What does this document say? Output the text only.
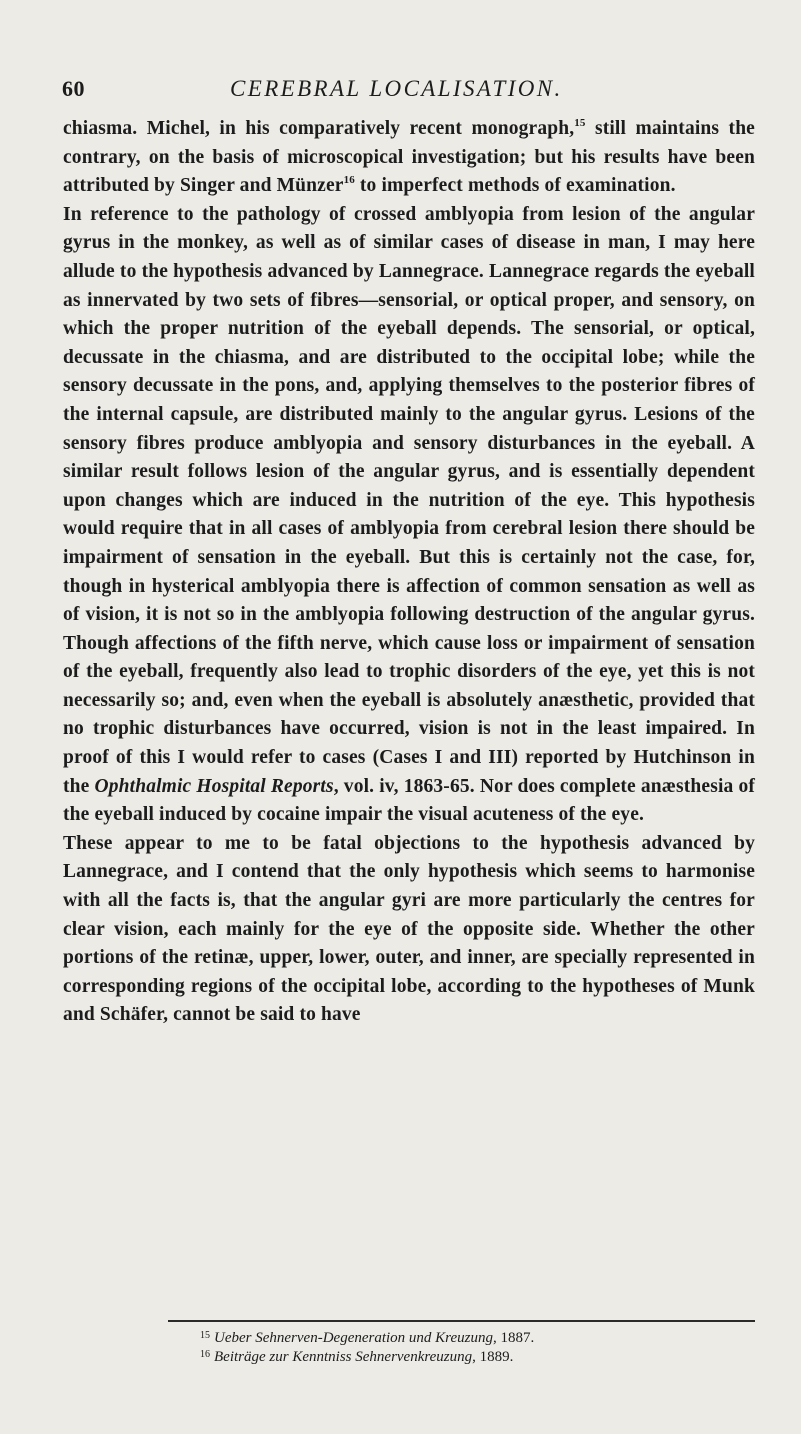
60	CEREBRAL LOCALISATION.

chiasma. Michel, in his comparatively recent monograph,$^{15}$ still maintains the contrary, on the basis of microscopical investigation; but his results have been attributed by Singer and Münzer$^{16}$ to imperfect methods of examination.

In reference to the pathology of crossed amblyopia from lesion of the angular gyrus in the monkey, as well as of similar cases of disease in man, I may here allude to the hypothesis advanced by Lannegrace. Lannegrace regards the eyeball as innervated by two sets of fibres—sensorial, or optical proper, and sensory, on which the proper nutrition of the eyeball depends. The sensorial, or optical, decussate in the chiasma, and are distributed to the occipital lobe; while the sensory decussate in the pons, and, applying themselves to the posterior fibres of the internal capsule, are distributed mainly to the angular gyrus. Lesions of the sensory fibres produce amblyopia and sensory disturbances in the eyeball. A similar result follows lesion of the angular gyrus, and is essentially dependent upon changes which are induced in the nutrition of the eye. This hypothesis would require that in all cases of amblyopia from cerebral lesion there should be impairment of sensation in the eyeball. But this is certainly not the case, for, though in hysterical amblyopia there is affection of common sensation as well as of vision, it is not so in the amblyopia following destruction of the angular gyrus. Though affections of the fifth nerve, which cause loss or impairment of sensation of the eyeball, frequently also lead to trophic disorders of the eye, yet this is not necessarily so; and, even when the eyeball is absolutely anæsthetic, provided that no trophic disturbances have occurred, vision is not in the least impaired. In proof of this I would refer to cases (Cases I and III) reported by Hutchinson in the Ophthalmic Hospital Reports, vol. iv, 1863-65. Nor does complete anæsthesia of the eyeball induced by cocaine impair the visual acuteness of the eye.

These appear to me to be fatal objections to the hypothesis advanced by Lannegrace, and I contend that the only hypothesis which seems to harmonise with all the facts is, that the angular gyri are more particularly the centres for clear vision, each mainly for the eye of the opposite side. Whether the other portions of the retinæ, upper, lower, outer, and inner, are specially represented in corresponding regions of the occipital lobe, according to the hypotheses of Munk and Schäfer, cannot be said to have

$^{15}$ Ueber Sehnerven-Degeneration und Kreuzung, 1887.
$^{16}$ Beiträge zur Kenntniss Sehnervenkreuzung, 1889.
